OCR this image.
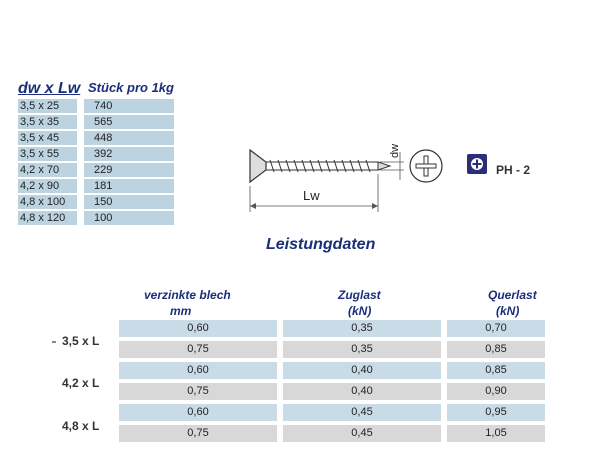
dw x Lw Stück pro 1kg
3,5 x 25	740
3,5 x 35	565
3,5 x 45	448
3,5 x 55	392
4,2 x 70	229
4,2 x 90	181
4,8 x 100	150
4,8 x 120	100
Lw
dw
PH - 2
Leistungdaten
verzinkte blech
mm
Zuglast
(kN)
Querlast
(kN)
3,5 x L
0,60	0,35	0,70
0,75	0,35	0,85
4,2 x L
0,60	0,40	0,85
0,75	0,40	0,90
4,8 x L
0,60	0,45	0,95
0,75	0,45	1,05
